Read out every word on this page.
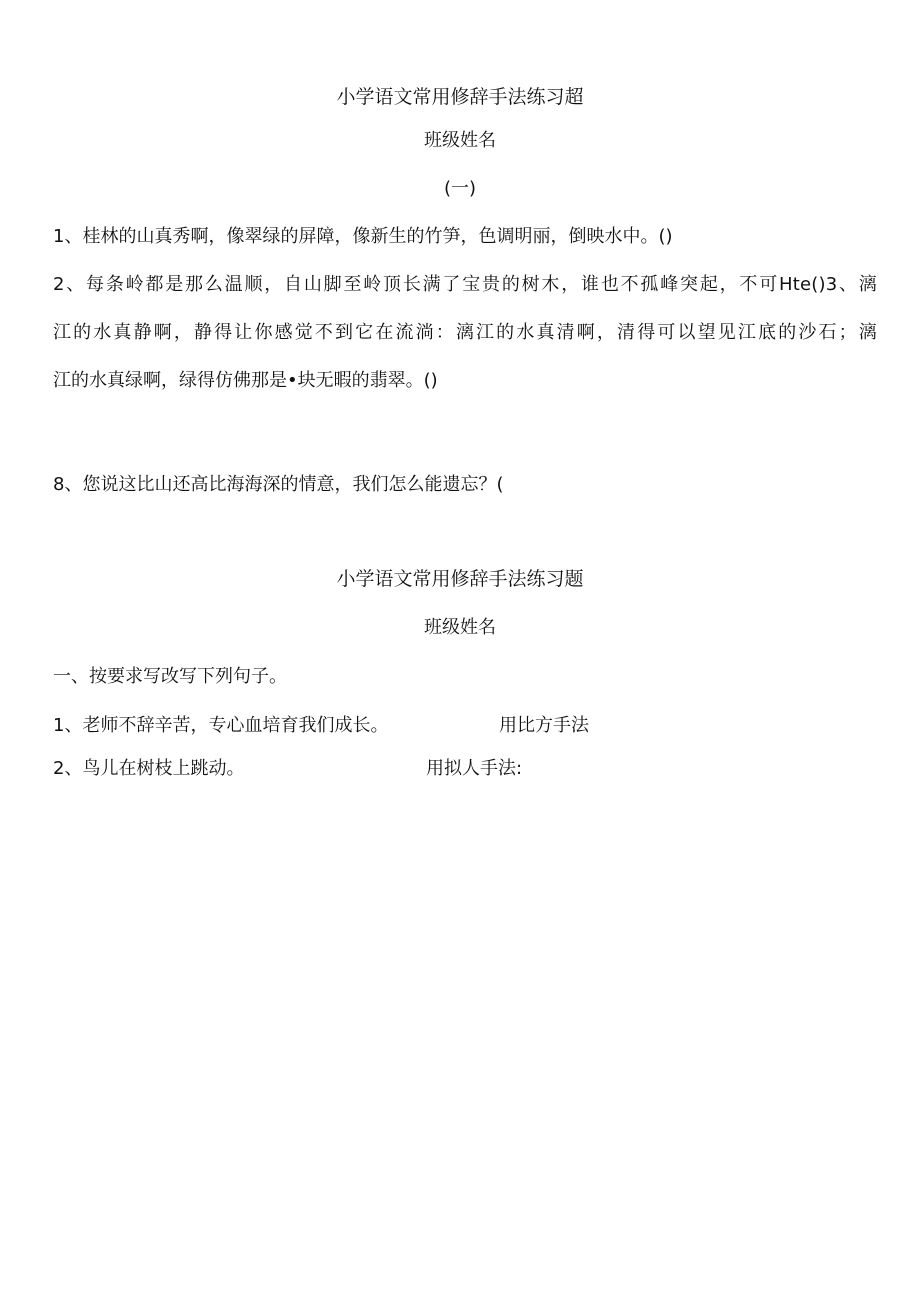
小学语文常用修辞手法练习超
班级姓名
(一)
1、桂林的山真秀啊，像翠绿的屏障，像新生的竹笋，色调明丽，倒映水中。()
2、每条岭都是那么温顺，自山脚至岭顶长满了宝贵的树木，谁也不孤峰突起，不可Hte()3、漓
江的水真静啊，静得让你感觉不到它在流淌：漓江的水真清啊，清得可以望见江底的沙石；漓
江的水真绿啊，绿得仿佛那是•块无暇的翡翠。()
8、您说这比山还高比海海深的情意，我们怎么能遗忘？(
小学语文常用修辞手法练习题
班级姓名
一、按要求写改写下列句子。
1、老师不辞辛苦，专心血培育我们成长。	用比方手法
2、鸟儿在树枝上跳动。	用拟人手法:
